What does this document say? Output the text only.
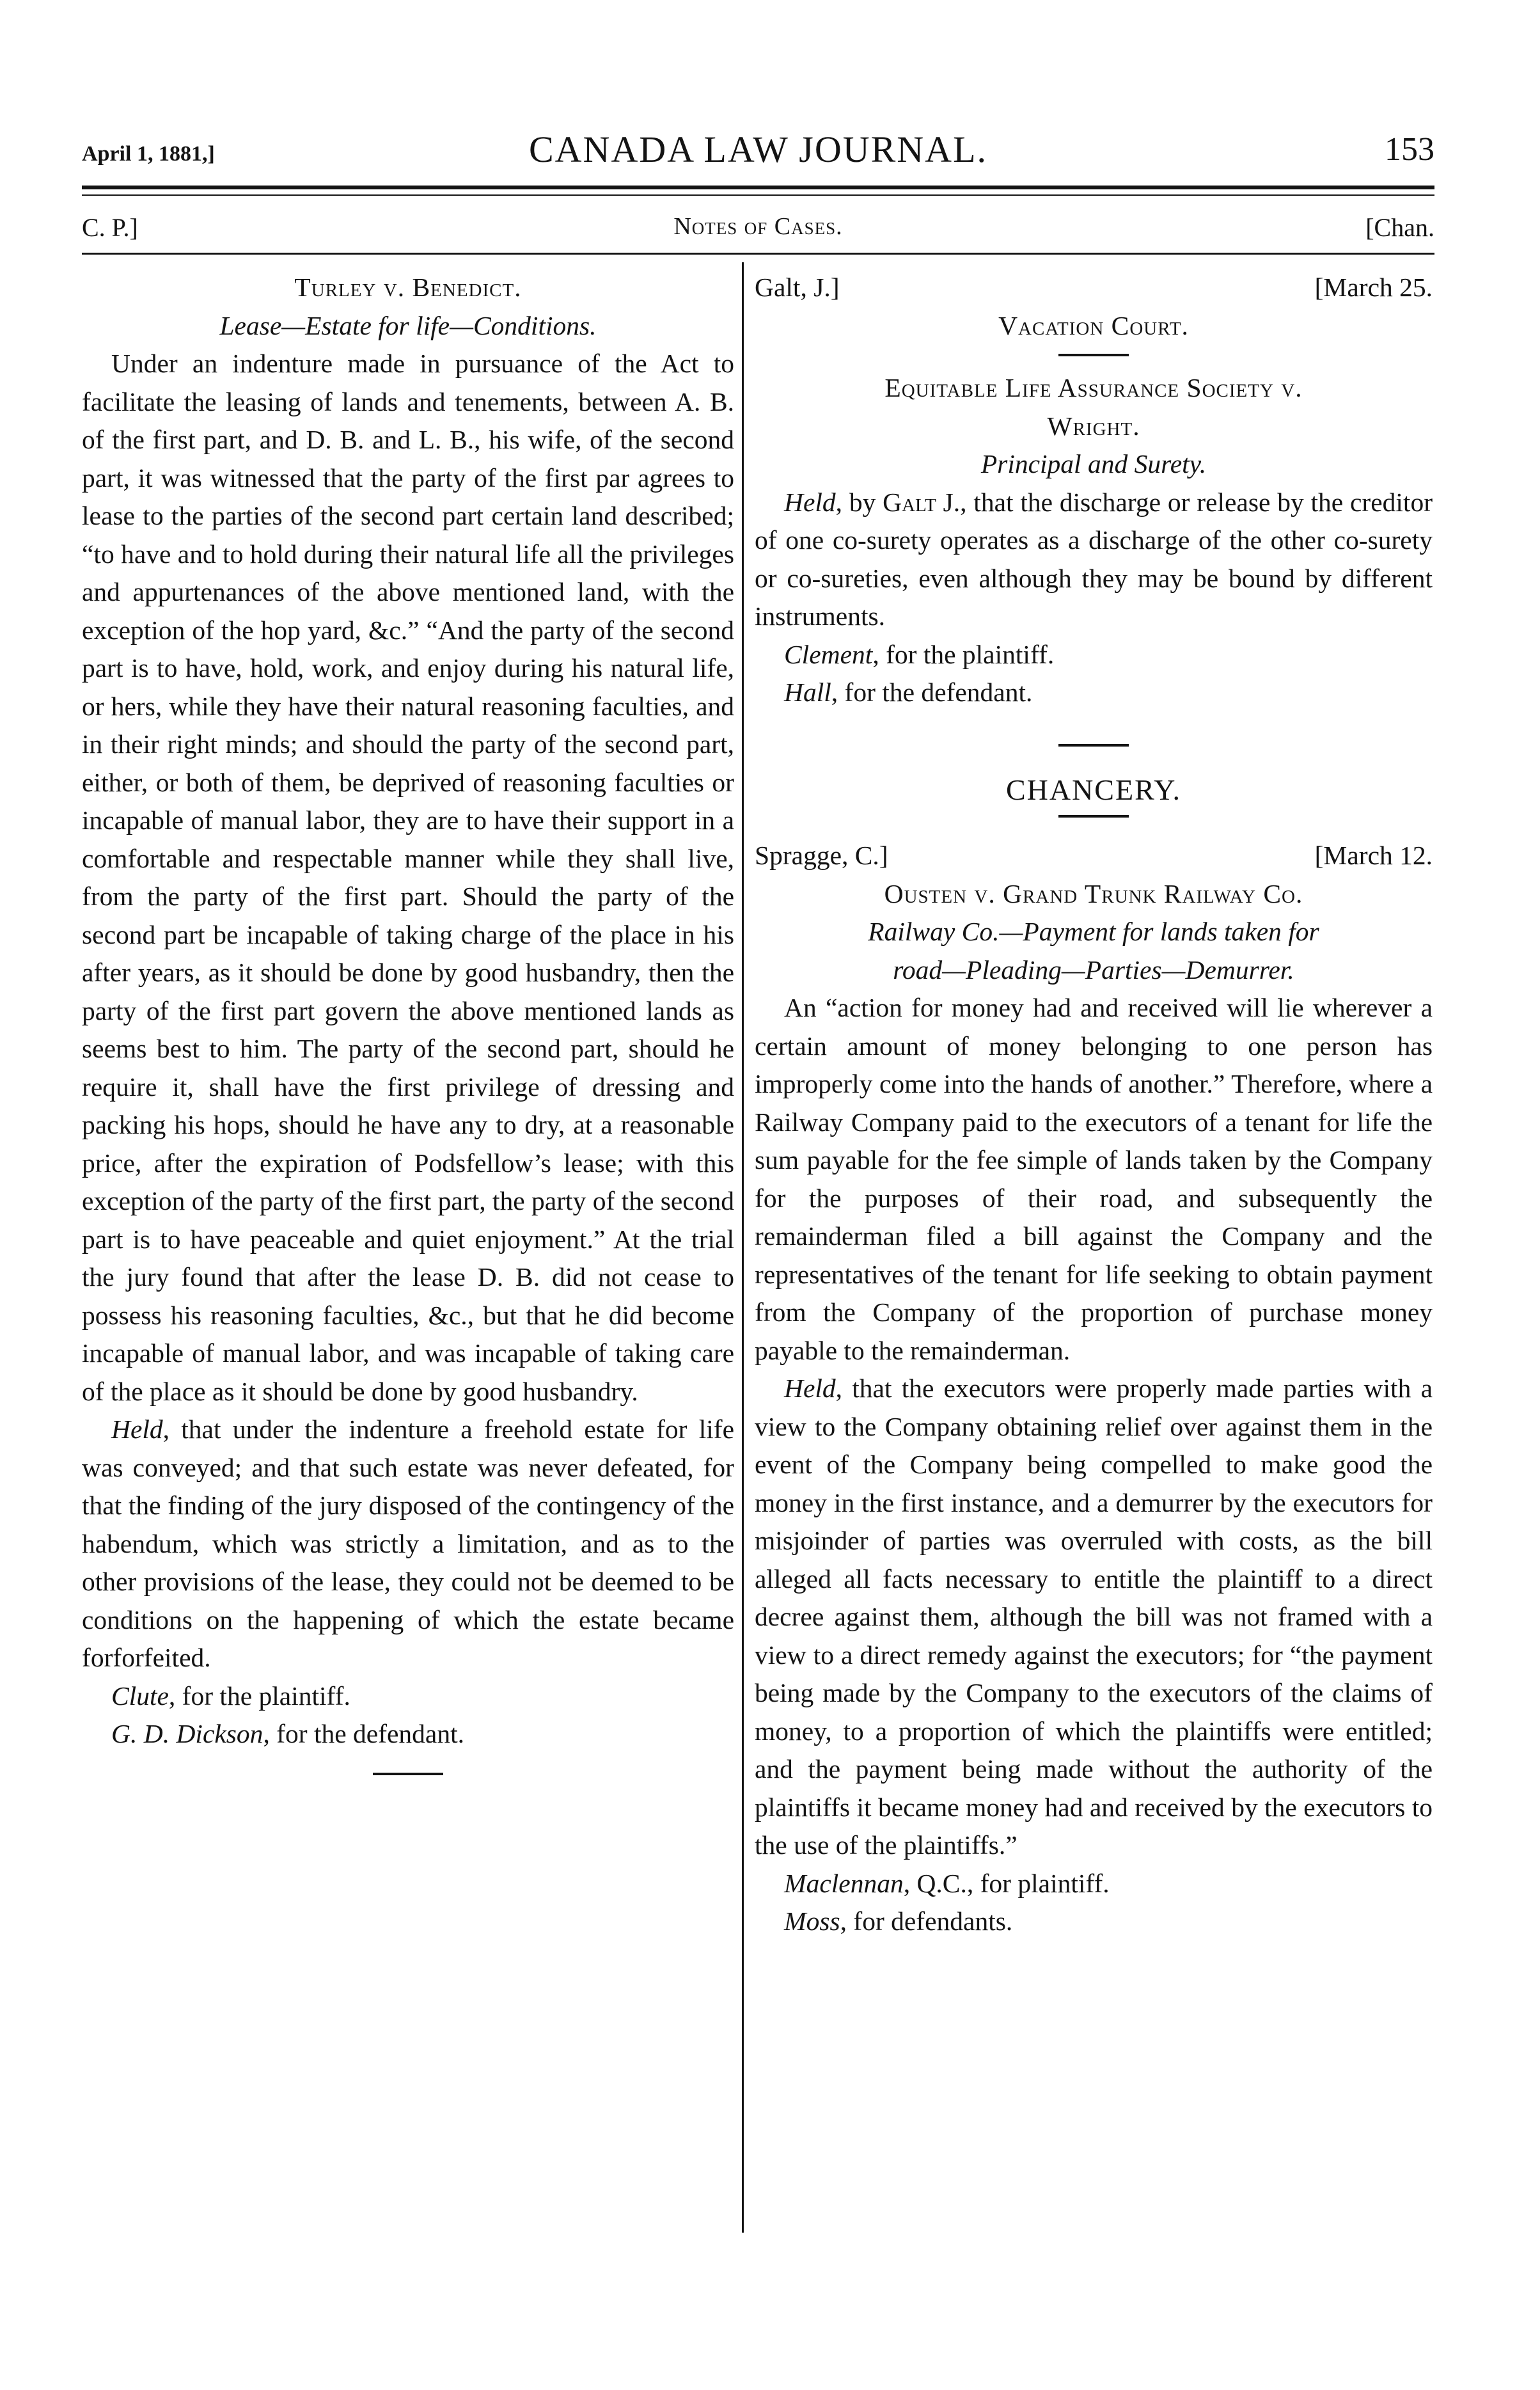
April 1, 1881,]	CANADA LAW JOURNAL.	153
C. P.]	Notes of Cases.	[Chan.

Turley v. Benedict.

Lease—Estate for life—Conditions.

Under an indenture made in pursuance of the Act to facilitate the leasing of lands and tenements, between A. B. of the first part, and D. B. and L. B., his wife, of the second part, it was witnessed that the party of the first par agrees to lease to the parties of the second part certain land described; “to have and to hold during their natural life all the privileges and appurtenances of the above mentioned land, with the exception of the hop yard, &c.” “And the party of the second part is to have, hold, work, and enjoy during his natural life, or hers, while they have their natural reasoning faculties, and in their right minds; and should the party of the second part, either, or both of them, be deprived of reasoning faculties or incapable of manual labor, they are to have their support in a comfortable and respectable manner while they shall live, from the party of the first part. Should the party of the second part be incapable of taking charge of the place in his after years, as it should be done by good husbandry, then the party of the first part govern the above mentioned lands as seems best to him. The party of the second part, should he require it, shall have the first privilege of dressing and packing his hops, should he have any to dry, at a reasonable price, after the expiration of Podsfellow’s lease; with this exception of the party of the first part, the party of the second part is to have peaceable and quiet enjoyment.” At the trial the jury found that after the lease D. B. did not cease to possess his reasoning faculties, &c., but that he did become incapable of manual labor, and was incapable of taking care of the place as it should be done by good husbandry.

Held, that under the indenture a freehold estate for life was conveyed; and that such estate was never defeated, for that the finding of the jury disposed of the contingency of the habendum, which was strictly a limitation, and as to the other provisions of the lease, they could not be deemed to be conditions on the happening of which the estate became forforfeited.

Clute, for the plaintiff.

G. D. Dickson, for the defendant.

Galt, J.]	[March 25.

Vacation Court.

Equitable Life Assurance Society v.

Wright.

Principal and Surety.

Held, by Galt J., that the discharge or release by the creditor of one co-surety operates as a discharge of the other co-surety or co-sureties, even although they may be bound by different instruments.

Clement, for the plaintiff.

Hall, for the defendant.

CHANCERY.

Spragge, C.]	[March 12.

Ousten v. Grand Trunk Railway Co.

Railway Co.—Payment for lands taken for

road—Pleading—Parties—Demurrer.

An “action for money had and received will lie wherever a certain amount of money belonging to one person has improperly come into the hands of another.” Therefore, where a Railway Company paid to the executors of a tenant for life the sum payable for the fee simple of lands taken by the Company for the purposes of their road, and subsequently the remainderman filed a bill against the Company and the representatives of the tenant for life seeking to obtain payment from the Company of the proportion of purchase money payable to the remainderman.

Held, that the executors were properly made parties with a view to the Company obtaining relief over against them in the event of the Company being compelled to make good the money in the first instance, and a demurrer by the executors for misjoinder of parties was overruled with costs, as the bill alleged all facts necessary to entitle the plaintiff to a direct decree against them, although the bill was not framed with a view to a direct remedy against the executors; for “the payment being made by the Company to the executors of the claims of money, to a proportion of which the plaintiffs were entitled; and the payment being made without the authority of the plaintiffs it became money had and received by the executors to the use of the plaintiffs.”

Maclennan, Q.C., for plaintiff.

Moss, for defendants.
